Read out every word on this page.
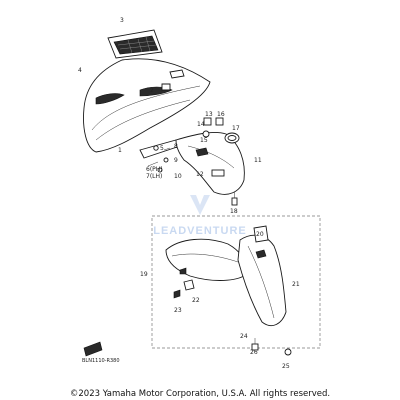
LEADVENTURE
3
4
2
1	5
6(PH)
7(LH)
8
9
10
11
12
13
14
15
16
17
18
19
20
21
22
23
24
25
26
BLN1110-R380
©2023 Yamaha Motor Corporation, U.S.A. All rights reserved.
